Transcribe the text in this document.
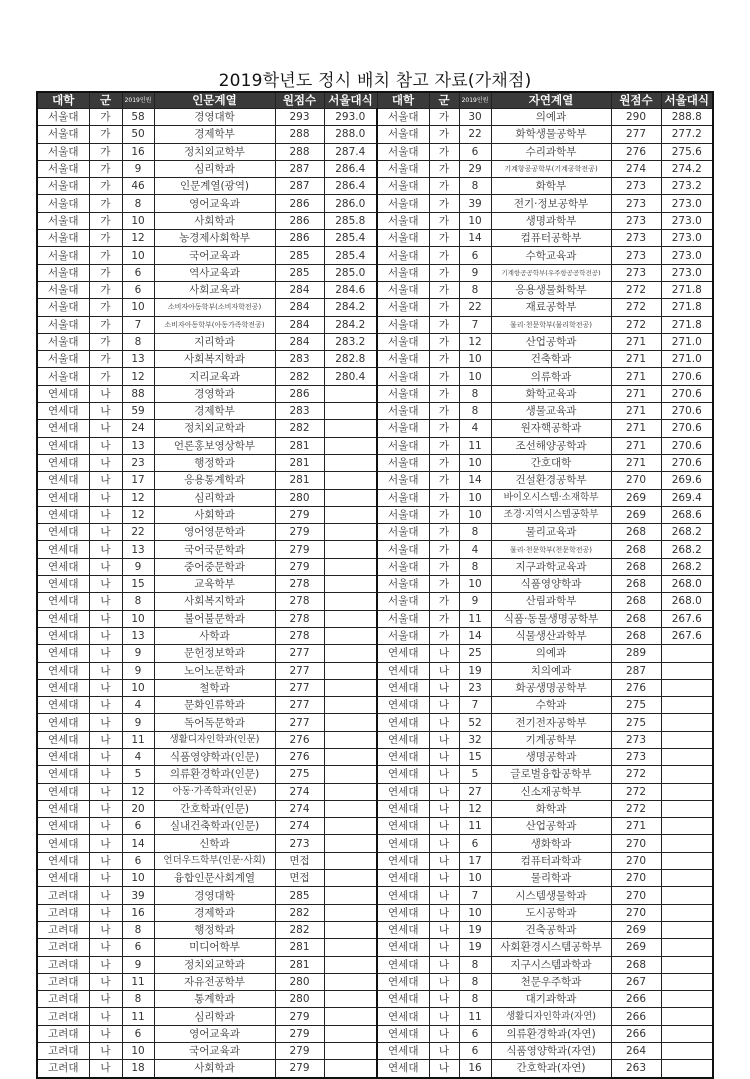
2019학년도 정시 배치 참고 자료(가채점)
대학	군	2019인원	인문계열	원점수	서울대식	대학	군	2019인원	자연계열	원점수	서울대식
서울대	가	58	경영대학	293	293.0	서울대	가	30	의예과	290	288.8
서울대	가	50	경제학부	288	288.0	서울대	가	22	화학생물공학부	277	277.2
서울대	가	16	정치외교학부	288	287.4	서울대	가	6	수리과학부	276	275.6
서울대	가	9	심리학과	287	286.4	서울대	가	29	기계항공공학부(기계공학전공)	274	274.2
서울대	가	46	인문계열(광역)	287	286.4	서울대	가	8	화학부	273	273.2
서울대	가	8	영어교육과	286	286.0	서울대	가	39	전기·정보공학부	273	273.0
서울대	가	10	사회학과	286	285.8	서울대	가	10	생명과학부	273	273.0
서울대	가	12	농경제사회학부	286	285.4	서울대	가	14	컴퓨터공학부	273	273.0
서울대	가	10	국어교육과	285	285.4	서울대	가	6	수학교육과	273	273.0
서울대	가	6	역사교육과	285	285.0	서울대	가	9	기계항공공학부(우주항공공학전공)	273	273.0
서울대	가	6	사회교육과	284	284.6	서울대	가	8	응용생물화학부	272	271.8
서울대	가	10	소비자아동학부(소비자학전공)	284	284.2	서울대	가	22	재료공학부	272	271.8
서울대	가	7	소비자아동학부(아동가족학전공)	284	284.2	서울대	가	7	물리·천문학부(물리학전공)	272	271.8
서울대	가	8	지리학과	284	283.2	서울대	가	12	산업공학과	271	271.0
서울대	가	13	사회복지학과	283	282.8	서울대	가	10	건축학과	271	271.0
서울대	가	12	지리교육과	282	280.4	서울대	가	10	의류학과	271	270.6
연세대	나	88	경영학과	286		서울대	가	8	화학교육과	271	270.6
연세대	나	59	경제학부	283		서울대	가	8	생물교육과	271	270.6
연세대	나	24	정치외교학과	282		서울대	가	4	원자핵공학과	271	270.6
연세대	나	13	언론홍보영상학부	281		서울대	가	11	조선해양공학과	271	270.6
연세대	나	23	행정학과	281		서울대	가	10	간호대학	271	270.6
연세대	나	17	응용통계학과	281		서울대	가	14	건설환경공학부	270	269.6
연세대	나	12	심리학과	280		서울대	가	10	바이오시스템·소재학부	269	269.4
연세대	나	12	사회학과	279		서울대	가	10	조경·지역시스템공학부	269	268.6
연세대	나	22	영어영문학과	279		서울대	가	8	물리교육과	268	268.2
연세대	나	13	국어국문학과	279		서울대	가	4	물리·천문학부(천문학전공)	268	268.2
연세대	나	9	중어중문학과	279		서울대	가	8	지구과학교육과	268	268.2
연세대	나	15	교육학부	278		서울대	가	10	식품영양학과	268	268.0
연세대	나	8	사회복지학과	278		서울대	가	9	산림과학부	268	268.0
연세대	나	10	불어불문학과	278		서울대	가	11	식품·동물생명공학부	268	267.6
연세대	나	13	사학과	278		서울대	가	14	식물생산과학부	268	267.6
연세대	나	9	문헌정보학과	277		연세대	나	25	의예과	289	
연세대	나	9	노어노문학과	277		연세대	나	19	치의예과	287	
연세대	나	10	철학과	277		연세대	나	23	화공생명공학부	276	
연세대	나	4	문화인류학과	277		연세대	나	7	수학과	275	
연세대	나	9	독어독문학과	277		연세대	나	52	전기전자공학부	275	
연세대	나	11	생활디자인학과(인문)	276		연세대	나	32	기계공학부	273	
연세대	나	4	식품영양학과(인문)	276		연세대	나	15	생명공학과	273	
연세대	나	5	의류환경학과(인문)	275		연세대	나	5	글로벌융합공학부	272	
연세대	나	12	아동·가족학과(인문)	274		연세대	나	27	신소재공학부	272	
연세대	나	20	간호학과(인문)	274		연세대	나	12	화학과	272	
연세대	나	6	실내건축학과(인문)	274		연세대	나	11	산업공학과	271	
연세대	나	14	신학과	273		연세대	나	6	생화학과	270	
연세대	나	6	언더우드학부(인문·사회)	면접		연세대	나	17	컴퓨터과학과	270	
연세대	나	10	융합인문사회계열	면접		연세대	나	10	물리학과	270	
고려대	나	39	경영대학	285		연세대	나	7	시스템생물학과	270	
고려대	나	16	경제학과	282		연세대	나	10	도시공학과	270	
고려대	나	8	행정학과	282		연세대	나	19	건축공학과	269	
고려대	나	6	미디어학부	281		연세대	나	19	사회환경시스템공학부	269	
고려대	나	9	정치외교학과	281		연세대	나	8	지구시스템과학과	268	
고려대	나	11	자유전공학부	280		연세대	나	8	천문우주학과	267	
고려대	나	8	통계학과	280		연세대	나	8	대기과학과	266	
고려대	나	11	심리학과	279		연세대	나	11	생활디자인학과(자연)	266	
고려대	나	6	영어교육과	279		연세대	나	6	의류환경학과(자연)	266	
고려대	나	10	국어교육과	279		연세대	나	6	식품영양학과(자연)	264	
고려대	나	18	사회학과	279		연세대	나	16	간호학과(자연)	263	
